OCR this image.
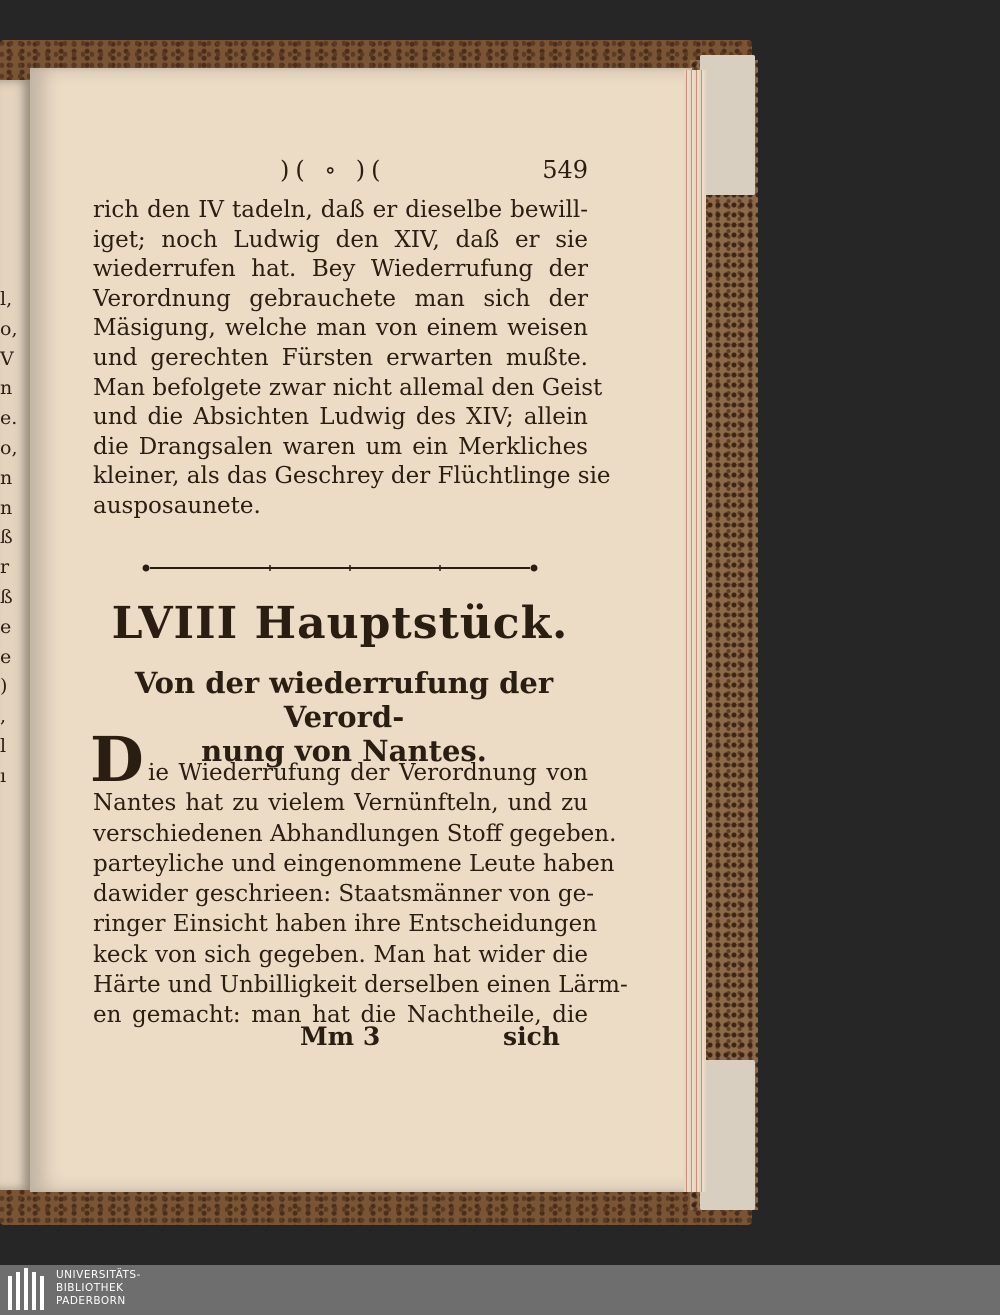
l,
o,
V
n
e.
o,
n
n
ß
r
ß
e
e
)
,
l
ı
)( ∘ )(	549
rich den IV tadeln, daß er dieselbe bewill-
iget; noch Ludwig den XIV, daß er sie
wiederrufen hat. Bey Wiederrufung der
Verordnung gebrauchete man sich der
Mäsigung, welche man von einem weisen
und gerechten Fürsten erwarten mußte.
Man befolgete zwar nicht allemal den Geist
und die Absichten Ludwig des XIV; allein
die Drangsalen waren um ein Merkliches
kleiner, als das Geschrey der Flüchtlinge sie
ausposaunete.
LVIII Hauptstück.
Von der wiederrufung der Verord-
nung von Nantes.
D ie Wiederrufung der Verordnung von
Nantes hat zu vielem Vernünfteln, und zu
verschiedenen Abhandlungen Stoff gegeben.
parteyliche und eingenommene Leute haben
dawider geschrieen: Staatsmänner von ge-
ringer Einsicht haben ihre Entscheidungen
keck von sich gegeben. Man hat wider die
Härte und Unbilligkeit derselben einen Lärm-
en gemacht: man hat die Nachtheile, die
Mm 3	sich
UNIVERSITÄTS-
BIBLIOTHEK
PADERBORN
